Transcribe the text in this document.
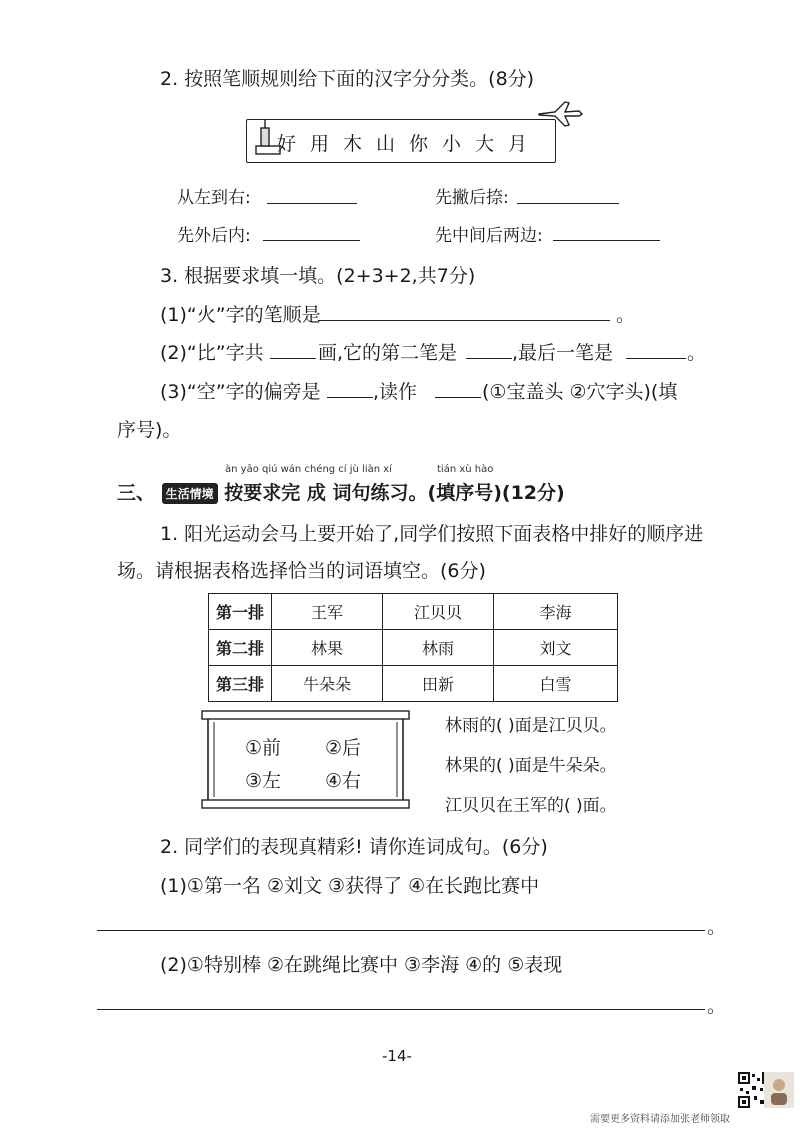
2. 按照笔顺规则给下面的汉字分分类。(8分)
好用木山你小大月
从左到右:	先撇后捺:
先外后内:	先中间后两边:
3. 根据要求填一填。(2+3+2,共7分)
(1)“火”字的笔顺是	。
(2)“比”字共	画,它的第二笔是	,最后一笔是	。
(3)“空”字的偏旁是	,读作	(①宝盖头 ②穴字头)(填
序号)。
àn yāo qiú wán chéng cí jù liàn xí	tián xù hào
三、 生活情境 按要求完 成 词句练习。(填序号)(12分)
1. 阳光运动会马上要开始了,同学们按照下面表格中排好的顺序进
场。请根据表格选择恰当的词语填空。(6分)
第一排	王军	江贝贝	李海
第二排	林果	林雨	刘文
第三排	牛朵朵	田新	白雪
①前 ②后
③左 ④右
林雨的( )面是江贝贝。
林果的( )面是牛朵朵。
江贝贝在王军的( )面。
2. 同学们的表现真精彩! 请你连词成句。(6分)
(1)①第一名 ②刘文 ③获得了 ④在长跑比赛中
。
(2)①特别棒 ②在跳绳比赛中 ③李海 ④的 ⑤表现
。
-14-
需要更多资料请添加张老师领取
